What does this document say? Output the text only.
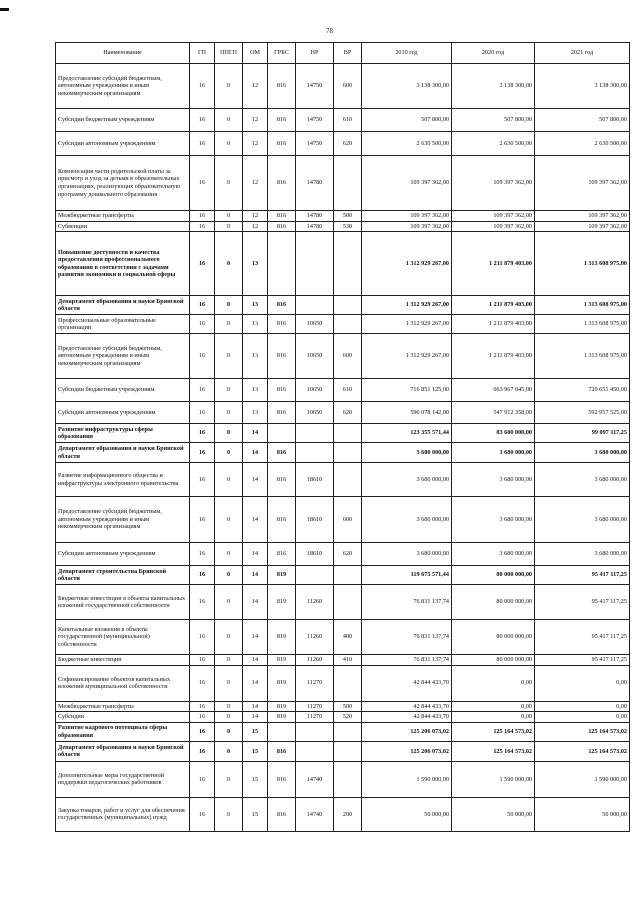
78
Наименование	ГП	ППГП	ОМ	ГРБС	НР	ВР	2019 год	2020 год	2021 год
Предоставление субсидий бюджетным, автономным учреждениям и иным некоммерческим организациям	16	0	12	816	14750	600	3 138 300,00	3 138 300,00	3 138 300,00
Субсидии бюджетным учреждениям	16	0	12	816	14750	610	507 800,00	507 800,00	507 800,00
Субсидии автономным учреждениям	16	0	12	816	14750	620	2 630 500,00	2 630 500,00	2 630 500,00
Компенсация части родительской платы за присмотр и уход за детьми в образовательных организациях, реализующих образовательную программу дошкольного образования	16	0	12	816	14780		109 397 362,00	109 397 362,00	109 397 362,00
Межбюджетные трансферты	16	0	12	816	14780	500	109 397 362,00	109 397 362,00	109 397 362,00
Субвенции	16	0	12	816	14780	530	109 397 362,00	109 397 362,00	109 397 362,00
Повышение доступности и качества предоставления профессионального образования в соответствии с задачами развития экономики и социальной сферы	16	0	13				1 312 929 267,00	1 211 879 403,00	1 313 608 975,00
Департамент образования и науки Брянской области	16	0	13	816			1 312 929 267,00	1 211 879 403,00	1 313 608 975,00
Профессиональные образовательные организации	16	0	13	816	10650		1 312 929 267,00	1 211 879 403,00	1 313 608 975,00
Предоставление субсидий бюджетным, автономным учреждениям и иным некоммерческим организациям	16	0	13	816	10650	600	1 312 929 267,00	1 211 879 403,00	1 313 608 975,00
Субсидии бюджетным учреждениям	16	0	13	816	10650	610	716 851 125,00	663 967 045,00	720 651 450,00
Субсидии автономным учреждениям	16	0	13	816	10650	620	596 078 142,00	547 912 358,00	592 957 525,00
Развитие инфраструктуры сферы образования	16	0	14				123 355 571,44	83 680 000,00	99 097 117,25
Департамент образования и науки Брянской области	16	0	14	816			3 680 000,00	3 680 000,00	3 680 000,00
Развитие информационного общества и инфраструктуры электронного правительства	16	0	14	816	18610		3 680 000,00	3 680 000,00	3 680 000,00
Предоставление субсидий бюджетным, автономным учреждениям и иным некоммерческим организациям	16	0	14	816	18610	600	3 680 000,00	3 680 000,00	3 680 000,00
Субсидии автономным учреждениям	16	0	14	816	18610	620	3 680 000,00	3 680 000,00	3 680 000,00
Департамент строительства Брянской области	16	0	14	819			119 675 571,44	80 000 000,00	95 417 117,25
Бюджетные инвестиции в объекты капитальных вложений государственной собственности	16	0	14	819	11260		76 831 137,74	80 000 000,00	95 417 117,25
Капитальные вложения в объекты государственной (муниципальной) собственности	16	0	14	819	11260	400	76 831 137,74	80 000 000,00	95 417 117,25
Бюджетные инвестиции	16	0	14	819	11260	410	76 831 137,74	80 000 000,00	95 417 117,25
Софинансирование объектов капитальных вложений муниципальной собственности	16	0	14	819	11270		42 844 433,70	0,00	0,00
Межбюджетные трансферты	16	0	14	819	11270	500	42 844 433,70	0,00	0,00
Субсидии	16	0	14	819	11270	520	42 844 433,70	0,00	0,00
Развитие кадрового потенциала сферы образования	16	0	15				125 206 073,02	125 164 573,02	125 164 573,02
Департамент образования и науки Брянской области	16	0	15	816			125 206 073,02	125 164 573,02	125 164 573,02
Дополнительные меры государственной поддержки педагогических работников	16	0	15	816	14740		1 590 000,00	1 590 000,00	1 590 000,00
Закупка товаров, работ и услуг для обеспечения государственных (муниципальных) нужд	16	0	15	816	14740	200	50 000,00	50 000,00	50 000,00
